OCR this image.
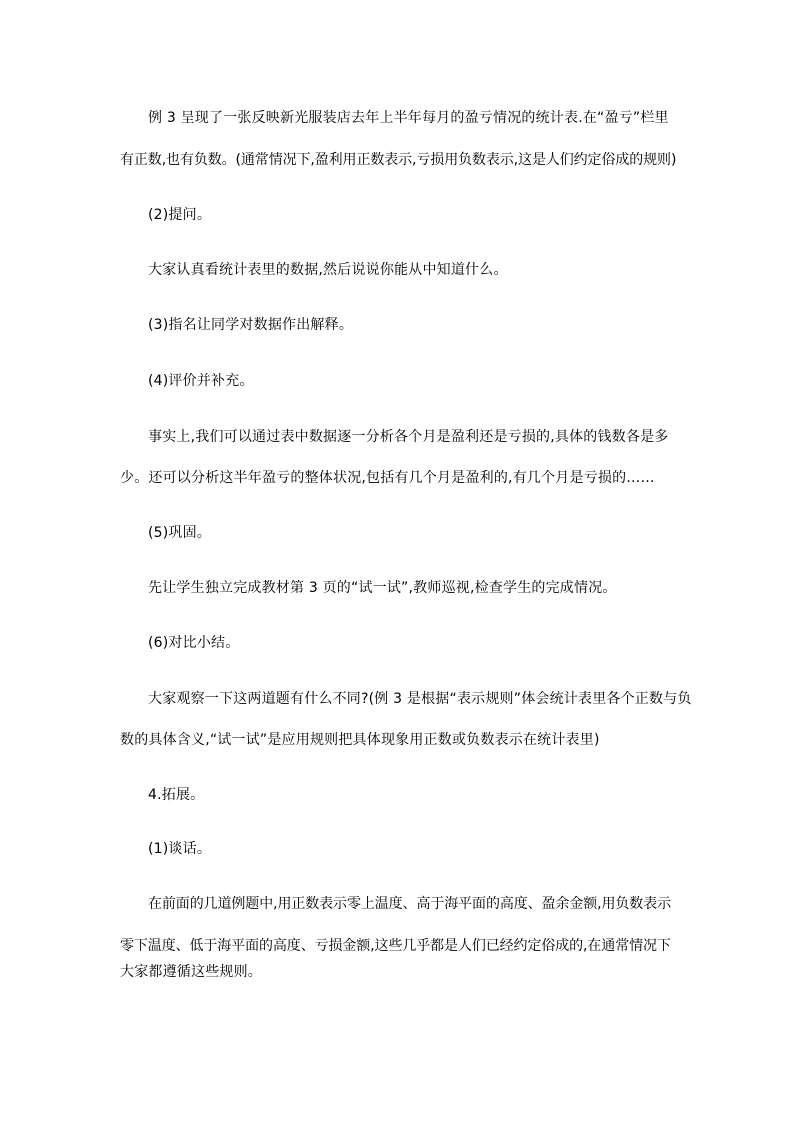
例 3 呈现了一张反映新光服装店去年上半年每月的盈亏情况的统计表.在“盈亏”栏里
有正数,也有负数。(通常情况下,盈利用正数表示,亏损用负数表示,这是人们约定俗成的规则)
(2)提问。
大家认真看统计表里的数据,然后说说你能从中知道什么。
(3)指名让同学对数据作出解释。
(4)评价并补充。
事实上,我们可以通过表中数据逐一分析各个月是盈利还是亏损的,具体的钱数各是多
少。还可以分析这半年盈亏的整体状况,包括有几个月是盈利的,有几个月是亏损的……
(5)巩固。
先让学生独立完成教材第 3 页的“试一试”,教师巡视,检查学生的完成情况。
(6)对比小结。
大家观察一下这两道题有什么不同?(例 3 是根据“表示规则”体会统计表里各个正数与负
数的具体含义,“试一试”是应用规则把具体现象用正数或负数表示在统计表里)
4.拓展。
(1)谈话。
在前面的几道例题中,用正数表示零上温度、高于海平面的高度、盈余金额,用负数表示
零下温度、低于海平面的高度、亏损金额,这些几乎都是人们已经约定俗成的,在通常情况下
大家都遵循这些规则。
